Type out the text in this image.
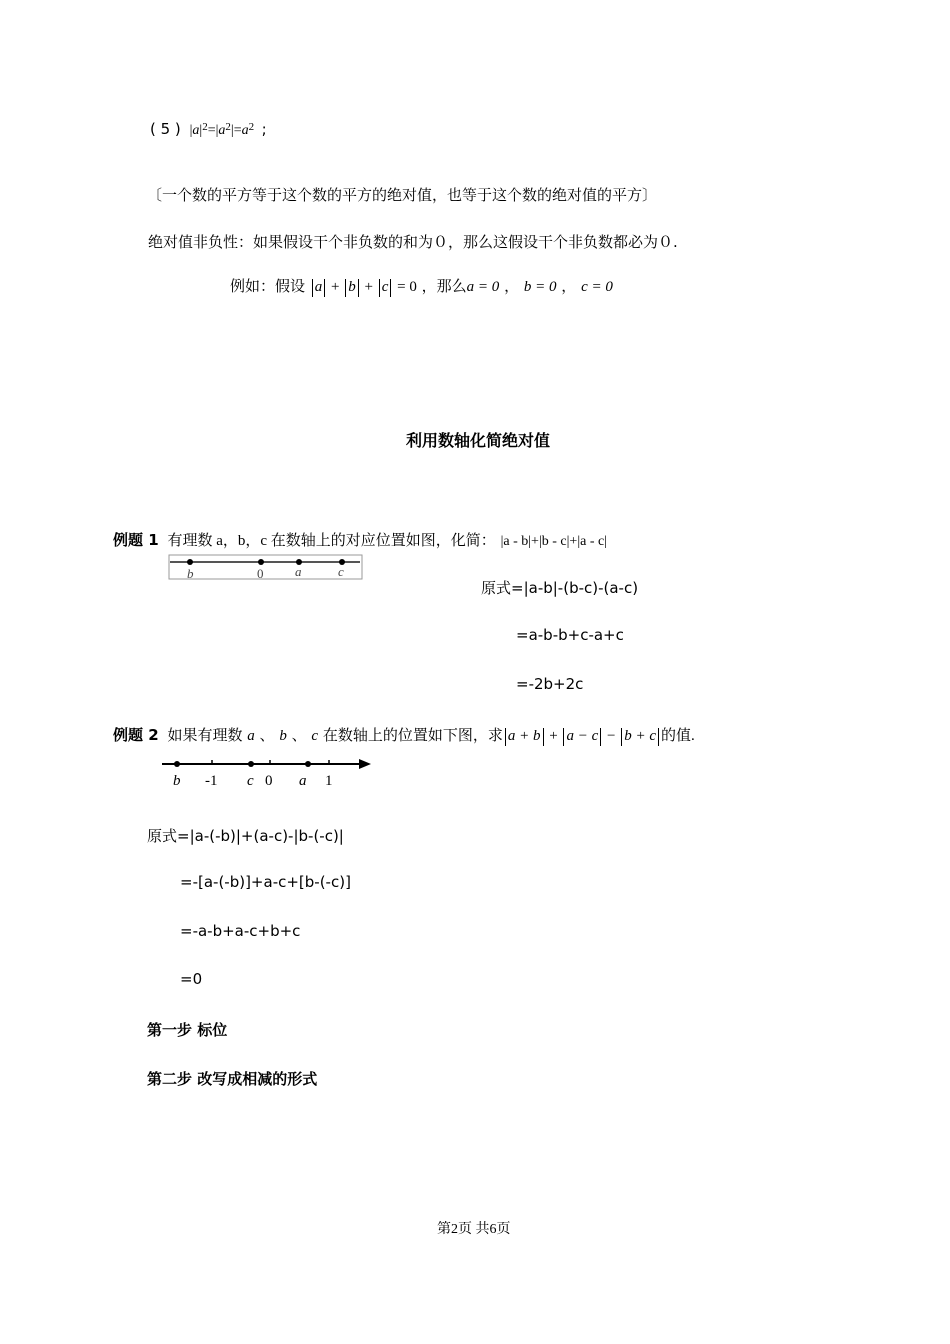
( 5 ) $|a|^2=|a^2|=a^2$ ;
〔一个数的平方等于这个数的平方的绝对值，也等于这个数的绝对值的平方〕
绝对值非负性：如果假设干个非负数的和为０，那么这假设干个非负数都必为０.
例如：假设 a + b + c = 0 ，那么a = 0 ， b = 0 ， c = 0
利用数轴化简绝对值
例题 1 有理数 a，b，c 在数轴上的对应位置如图，化简： |a - b|+|b - c|+|a - c|
b	0 a	c
原式=|a-b|-(b-c)-(a-c)
=a-b-b+c-a+c
=-2b+2c
例题 2 如果有理数 a 、 b 、 c 在数轴上的位置如下图，求 a + b + a − c − b + c 的值.
b -1 c 0 a 1
原式=|a-(-b)|+(a-c)-|b-(-c)|
=-[a-(-b)]+a-c+[b-(-c)]
=-a-b+a-c+b+c
=0
第一步 标位
第二步 改写成相减的形式
第2页 共6页
